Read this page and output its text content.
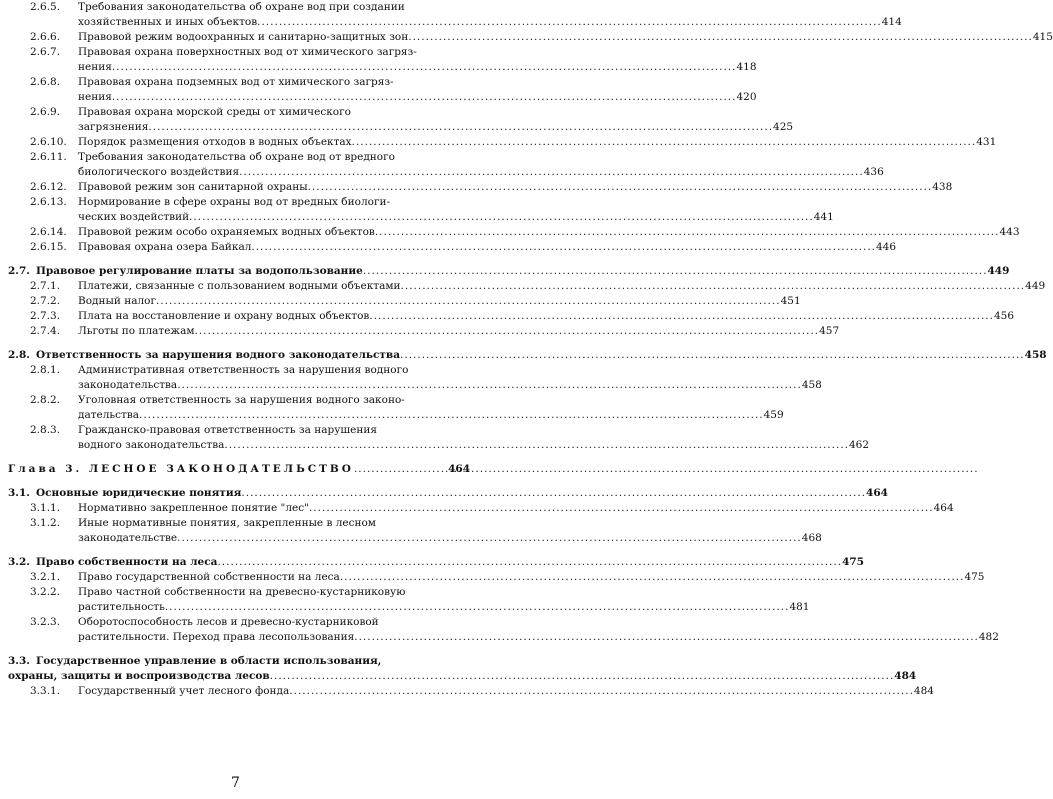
2.6.5.	Требования законодательства об охране вод при создании
хозяйственных и иных объектов .....	414
2.6.6.	Правовой режим водоохранных и санитарно-защитных зон .....	415
2.6.7.	Правовая охрана поверхностных вод от химического загряз-
нения .....	418
2.6.8.	Правовая охрана подземных вод от химического загряз-
нения .....	420
2.6.9.	Правовая охрана морской среды от химического
загрязнения .....	425
2.6.10.	Порядок размещения отходов в водных объектах .....	431
2.6.11.	Требования законодательства об охране вод от вредного
биологического воздействия .....	436
2.6.12.	Правовой режим зон санитарной охраны .....	438
2.6.13.	Нормирование в сфере охраны вод от вредных биологи-
ческих воздействий .....	441
2.6.14.	Правовой режим особо охраняемых водных объектов .....	443
2.6.15.	Правовая охрана озера Байкал .....	446
2.7. Правовое регулирование платы за водопользование .....	449
2.7.1.	Платежи, связанные с пользованием водными объектами .....	449
2.7.2.	Водный налог .....	451
2.7.3.	Плата на восстановление и охрану водных объектов .....	456
2.7.4.	Льготы по платежам .....	457
2.8. Ответственность за нарушения водного законодательства .....	458
2.8.1.	Административная ответственность за нарушения водного
законодательства .....	458
2.8.2.	Уголовная ответственность за нарушения водного законо-
дательства .....	459
2.8.3.	Гражданско-правовая ответственность за нарушения
водного законодательства .....	462
Глава 3. ЛЕСНОЕ ЗАКОНОДАТЕЛЬСТВО .....	464
3.1. Основные юридические понятия .....	464
3.1.1.	Нормативно закрепленное понятие "лес" .....	464
3.1.2.	Иные нормативные понятия, закрепленные в лесном
законодательстве .....	468
3.2. Право собственности на леса .....	475
3.2.1.	Право государственной собственности на леса .....	475
3.2.2.	Право частной собственности на древесно-кустарниковую
растительность .....	481
3.2.3.	Оборотоспособность лесов и древесно-кустарниковой
растительности. Переход права лесопользования .....	482
3.3. Государственное управление в области использования,
охраны, защиты и воспроизводства лесов .....	484
3.3.1.	Государственный учет лесного фонда .....	484
7
